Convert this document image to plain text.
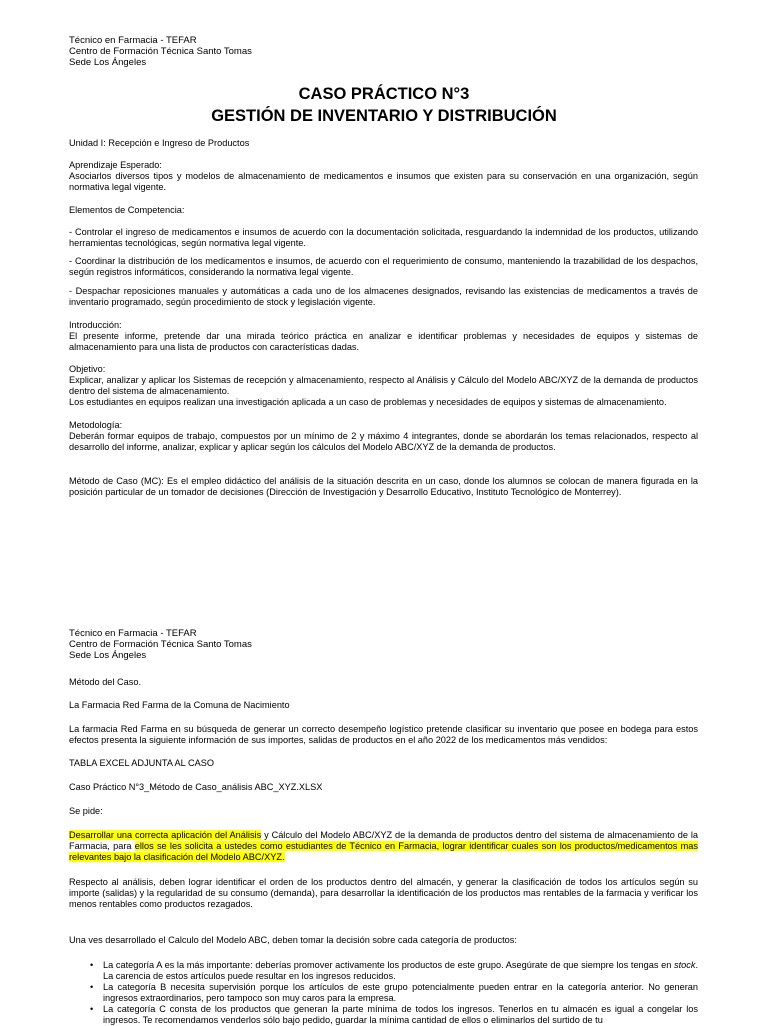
Técnico en Farmacia - TEFAR
Centro de Formación Técnica Santo Tomas
Sede Los Ángeles
CASO PRÁCTICO N°3
GESTIÓN DE INVENTARIO Y DISTRIBUCIÓN
Unidad I: Recepción e Ingreso de Productos
Aprendizaje Esperado:
Asociarlos diversos tipos y modelos de almacenamiento de medicamentos e insumos que existen para su conservación en una organización, según normativa legal vigente.
Elementos de Competencia:
- Controlar el ingreso de medicamentos e insumos de acuerdo con la documentación solicitada, resguardando la indemnidad de los productos, utilizando herramientas tecnológicas, según normativa legal vigente.
- Coordinar la distribución de los medicamentos e insumos, de acuerdo con el requerimiento de consumo, manteniendo la trazabilidad de los despachos, según registros informáticos, considerando la normativa legal vigente.
- Despachar reposiciones manuales y automáticas a cada uno de los almacenes designados, revisando las existencias de medicamentos a través de inventario programado, según procedimiento de stock y legislación vigente.
Introducción:
El presente informe, pretende dar una mirada teórico práctica en analizar e identificar problemas y necesidades de equipos y sistemas de almacenamiento para una lista de productos con características dadas.
Objetivo:
Explicar, analizar y aplicar los Sistemas de recepción y almacenamiento, respecto al Análisis y Cálculo del Modelo ABC/XYZ de la demanda de productos dentro del sistema de almacenamiento.
Los estudiantes en equipos realizan una investigación aplicada a un caso de problemas y necesidades de equipos y sistemas de almacenamiento.
Metodología:
Deberán formar equipos de trabajo, compuestos por un mínimo de 2 y máximo 4 integrantes, donde se abordarán los temas relacionados, respecto al desarrollo del informe, analizar, explicar y aplicar según los cálculos del Modelo ABC/XYZ de la demanda de productos.
Método de Caso (MC): Es el empleo didáctico del análisis de la situación descrita en un caso, donde los alumnos se colocan de manera figurada en la posición particular de un tomador de decisiones (Dirección de Investigación y Desarrollo Educativo, Instituto Tecnológico de Monterrey).
Técnico en Farmacia - TEFAR
Centro de Formación Técnica Santo Tomas
Sede Los Ángeles
Método del Caso.
La Farmacia Red Farma de la Comuna de Nacimiento
La farmacia Red Farma en su búsqueda de generar un correcto desempeño logístico pretende clasificar su inventario que posee en bodega para estos efectos presenta la siguiente información de sus importes, salidas de productos en el año 2022 de los medicamentos más vendidos:
TABLA EXCEL ADJUNTA AL CASO
Caso Práctico N°3_Método de Caso_análisis ABC_XYZ.XLSX
Se pide:
Desarrollar una correcta aplicación del Análisis y Cálculo del Modelo ABC/XYZ de la demanda de productos dentro del sistema de almacenamiento de la Farmacia, para ellos se les solicita a ustedes como estudiantes de Técnico en Farmacia, lograr identificar cuales son los productos/medicamentos mas relevantes bajo la clasificación del Modelo ABC/XYZ.
Respecto al análisis, deben lograr identificar el orden de los productos dentro del almacén, y generar la clasificación de todos los artículos según su importe (salidas) y la regularidad de su consumo (demanda), para desarrollar la identificación de los productos mas rentables de la farmacia y verificar los menos rentables como productos rezagados.
Una ves desarrollado el Calculo del Modelo ABC, deben tomar la decisión sobre cada categoría de productos:
• La categoría A es la más importante: deberías promover activamente los productos de este grupo. Asegúrate de que siempre los tengas en stock. La carencia de estos artículos puede resultar en los ingresos reducidos.
• La categoría B necesita supervisión porque los artículos de este grupo potencialmente pueden entrar en la categoría anterior. No generan ingresos extraordinarios, pero tampoco son muy caros para la empresa.
• La categoría C consta de los productos que generan la parte mínima de todos los ingresos. Tenerlos en tu almacén es igual a congelar los ingresos. Te recomendamos venderlos sólo bajo pedido, guardar la mínima cantidad de ellos o eliminarlos del surtido de tu
